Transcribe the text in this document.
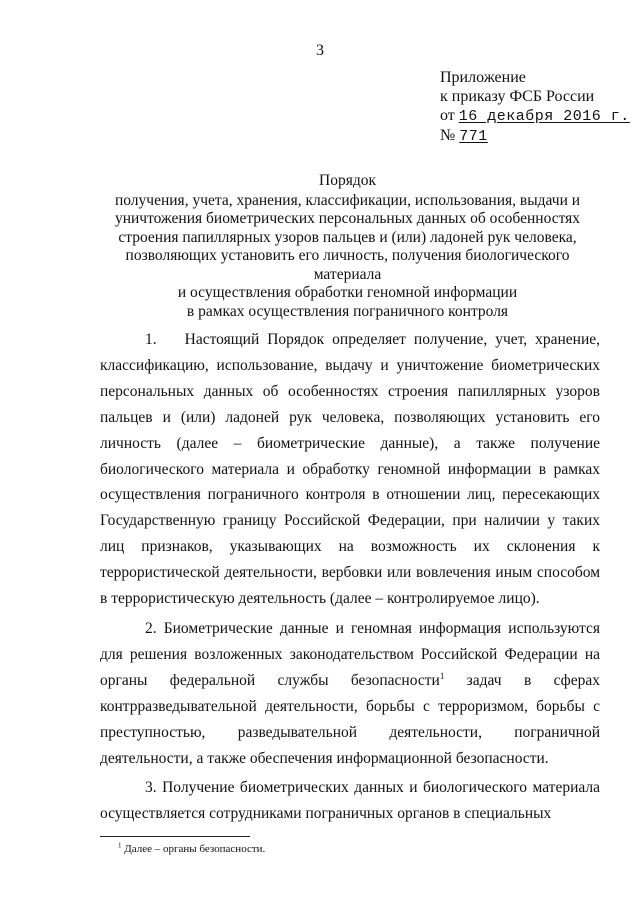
3
Приложение
к приказу ФСБ России
от 16 декабря 2016 г.
№ 771
Порядок
получения, учета, хранения, классификации, использования, выдачи и
уничтожения биометрических персональных данных об особенностях
строения папиллярных узоров пальцев и (или) ладоней рук человека,
позволяющих установить его личность, получения биологического материала
и осуществления обработки геномной информации
в рамках осуществления пограничного контроля

1. Настоящий Порядок определяет получение, учет, хранение, классификацию, использование, выдачу и уничтожение биометрических персональных данных об особенностях строения папиллярных узоров пальцев и (или) ладоней рук человека, позволяющих установить его личность (далее – биометрические данные), а также получение биологического материала и обработку геномной информации в рамках осуществления пограничного контроля в отношении лиц, пересекающих Государственную границу Российской Федерации, при наличии у таких лиц признаков, указывающих на возможность их склонения к террористической деятельности, вербовки или вовлечения иным способом в террористическую деятельность (далее – контролируемое лицо).

2. Биометрические данные и геномная информация используются для решения возложенных законодательством Российской Федерации на органы федеральной службы безопасности$^1$ задач в сферах контрразведывательной деятельности, борьбы с терроризмом, борьбы с преступностью, разведывательной деятельности, пограничной деятельности, а также обеспечения информационной безопасности.

3. Получение биометрических данных и биологического материала осуществляется сотрудниками пограничных органов в специальных

$^1$ Далее – органы безопасности.
